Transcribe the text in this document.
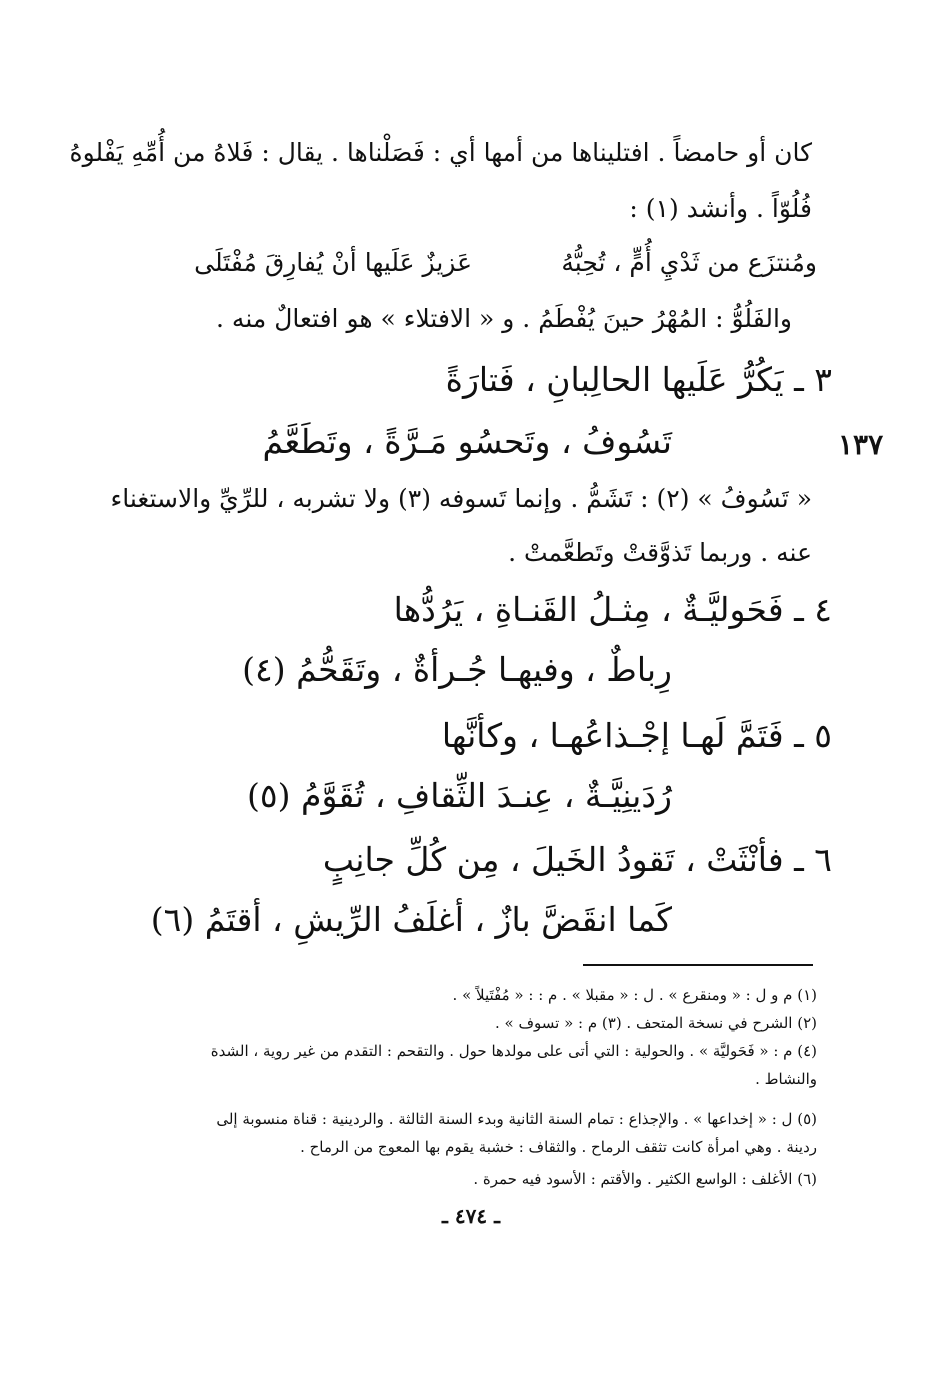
كان أو حامضاً . افتليناها من أمها أي : فَصَلْناها . يقال : فَلاهُ من أُمِّهِ يَفْلوهُ
فُلُوّاً . وأنشد (١) :
ومُنتزَع من ثَدْيِ أُمٍّ ، تُحِبُّهُ
عَزيزٌ عَلَيها أنْ يُفارِقَ مُفْتَلَى
والفَلُوُّ : المُهْرُ حينَ يُفْطَمُ . و « الافتلاء » هو افتعالٌ منه .
٣ ـ يَكُرُّ عَلَيها الحالِبانِ ، فَتارَةً
تَسُوفُ ، وتَحسُو مَـرَّةً ، وتَطَعَّمُ	١٣٧
« تَسُوفُ » (٢) : تَشَمُّ . وإنما تَسوفه (٣) ولا تشربه ، للرِّيِّ والاستغناء
عنه . وربما تَذوَّقتْ وتَطعَّمتْ .
٤ ـ فَحَوليَّـةٌ ، مِثـلُ القَنـاةِ ، يَرُدُّها
رِباطٌ ، وفيهـا جُـرأةٌ ، وتَقَحُّمُ (٤)
٥ ـ فَتَمَّ لَهـا إجْـذاعُهـا ، وكأنَّها
رُدَينِيَّـةٌ ، عِنـدَ الثِّقافِ ، تُقَوَّمُ (٥)
٦ ـ فأنْثَتْ ، تَقودُ الخَيلَ ، مِن كُلِّ جانِبٍ
كَما انقَضَّ بازٌ ، أغلَفُ الرِّيشِ ، أقتَمُ (٦)
(١) م و ل : « ومنقرع » . ل : « مقبلا » . م : : « مُفْتَيلاً » .
(٢) الشرح في نسخة المتحف . (٣) م : « تسوف » .
(٤) م : « فَحَوليَّة » . والحولية : التي أتى على مولدها حول . والتقحم : التقدم من غير روية ، الشدة
والنشاط .
(٥) ل : « إخداعها » . والإجذاع : تمام السنة الثانية وبدء السنة الثالثة . والردينية : قناة منسوبة إلى
ردينة . وهي امرأة كانت تثقف الرماح . والثقاف : خشبة يقوم بها المعوج من الرماح .
(٦) الأغلف : الواسع الكثير . والأقتم : الأسود فيه حمرة .
ـ ٤٧٤ ـ
